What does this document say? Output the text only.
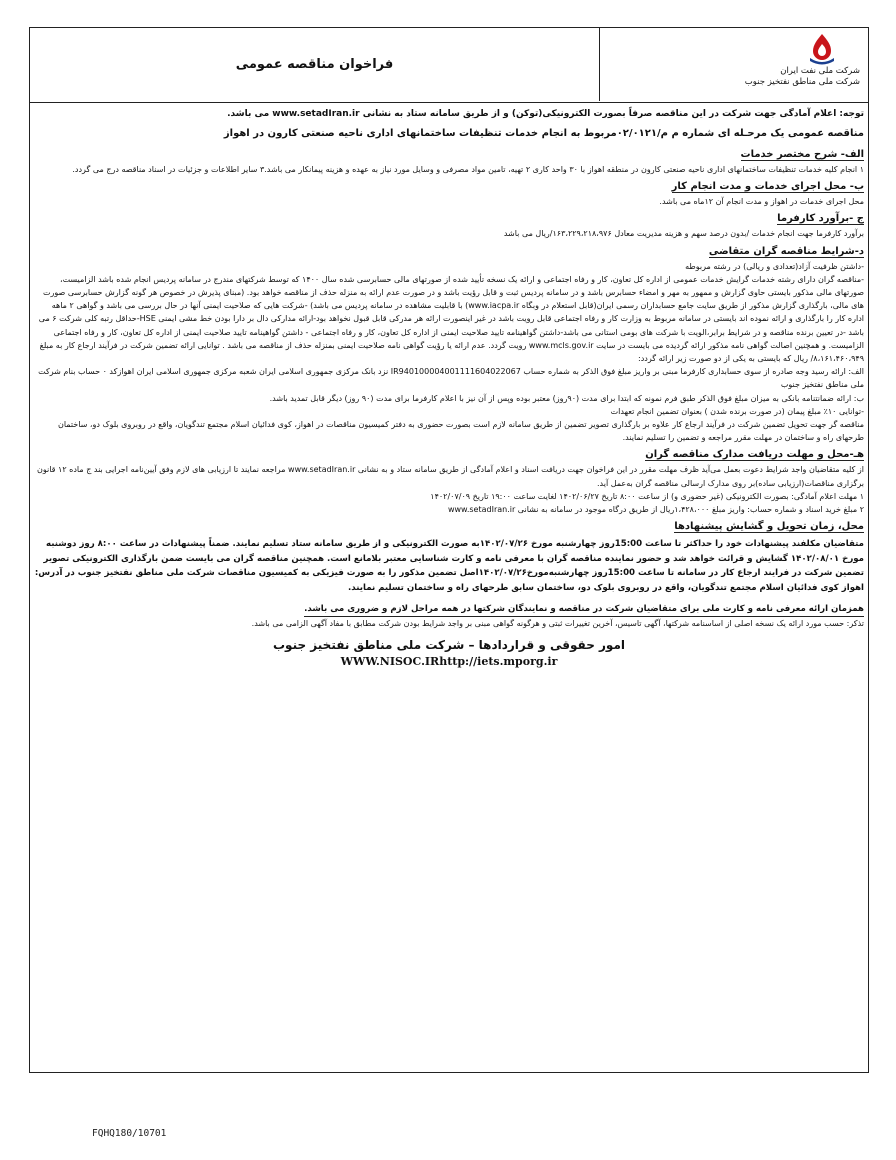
فراخوان مناقصه عمومی	شرکت ملی نفت ایران
شرکت ملی مناطق نفتخیز جنوب
توجه: اعلام آمادگی جهت شرکت در این مناقصه صرفاً بصورت الکترونیکی(توکن) و از طریق سامانه ستاد به نشانی www.setadIran.ir می باشد.
مناقصه عمومی یک مرحـله ای شماره م م/۰۲/۰۱۲۱مربوط به انجام خدمات تنظیفات ساختمانهای اداری ناحیه صنعتی کارون در اهواز
الف- شرح مختصر خدمات
۱ انجام کلیه خدمات تنظیفات ساختمانهای اداری ناحیه صنعتی کارون در منطقه اهواز با ۳۰ واحد کاری ۲ تهیه، تامین مواد مصرفی و وسایل مورد نیاز به عهده و هزینه پیمانکار می باشد.۳ سایر اطلاعات و جزئیات در اسناد مناقصه درج می گردد.
ب- محل اجرای خدمات و مدت انجام کار
محل اجرای خدمات در اهواز و مدت انجام آن ۱۲ماه می باشد.
ج -برآورد کارفرما
برآورد کارفرما جهت انجام خدمات /بدون درصد سهم و هزینه مدیریت معادل ۱۶۳،۲۲۹،۲۱۸،۹۷۶/ریال می باشد
د-شرایط مناقصه گران متقاضی
-داشتن ظرفیت آزاد(تعدادی و ریالی) در رشته مربوطه
-مناقصه گران دارای رشته خدمات گرایش خدمات عمومی از اداره کل تعاون، کار و رفاه اجتماعی و ارائه یک نسخه تأیید شده از صورتهای مالی حسابرسی شده سال ۱۴۰۰ که توسط شرکتهای مندرج در سامانه پردیس انجام شده باشد الزامیست، صورتهای مالی مذکور بایستی حاوی گزارش و ممهور به مهر و امضاء حسابرس باشد و در سامانه پردیس ثبت و قابل رؤیت باشد و در صورت عدم ارائه به منزله حذف از مناقصه خواهد بود. (مبنای پذیرش در خصوص هر گونه گزارش حسابرسی صورت های مالی، بارگذاری گزارش مذکور از طریق سایت جامع حسابداران رسمی ایران(قابل استعلام در وبگاه www.iacpa.ir) با قابلیت مشاهده در سامانه پردیس می باشد) -شرکت هایی که صلاحیت ایمنی آنها در حال بررسی می باشد و گواهی ۲ ماهه اداره کار را بارگذاری و ارائه نموده اند بایستی در سامانه مربوط به وزارت کار و رفاه اجتماعی قابل رویت باشد در غیر اینصورت ارائه هر مدرکی قابل قبول نخواهد بود-ارائه مدارکی دال بر دارا بودن خط مشی ایمنی HSE-حداقل رتبه کلی شرکت ۶ می باشد -در تعیین برنده مناقصه و در شرایط برابر،الویت با شرکت های بومی استانی می باشد-داشتن گواهینامه تایید صلاحیت ایمنی از اداره کل تعاون، کار و رفاه اجتماعی - داشتن گواهینامه تایید صلاحیت ایمنی از اداره کل تعاون، کار و رفاه اجتماعی الزامیست. و همچنین اصالت گواهی نامه مذکور ارائه گردیده می بایست در سایت www.mcls.gov.ir رویت گردد. عدم ارائه یا رؤیت گواهی نامه صلاحیت ایمنی بمنزله حذف از مناقصه می باشد . توانایی ارائه تضمین شرکت در فرآیند ارجاع کار به مبلغ ۸،۱۶۱،۴۶۰،۹۴۹/ ریال که بایستی به یکی از دو صورت زیر ارائه گردد:
الف: ارائه رسید وجه صادره از سوی حسابداری کارفرما مبنی بر واریز مبلغ فوق الذکر به شماره حساب IR940100004001111604022067 نزد بانک مرکزی جمهوری اسلامی ایران شعبه مرکزی جمهوری اسلامی ایران اهوازکد ۰ حساب بنام شرکت ملی مناطق نفتخیز جنوب
ب: ارائه ضمانتنامه بانکی به میزان مبلغ فوق الذکر طبق فرم نمونه که ابتدا برای مدت (۹۰روز) معتبر بوده وپس از آن نیز با اعلام کارفرما برای مدت (۹۰ روز) دیگر قابل تمدید باشد.
-توانایی ۱۰٪ مبلغ پیمان (در صورت برنده شدن ) بعنوان تضمین انجام تعهدات
مناقصه گر جهت تحویل تضمین شرکت در فرآیند ارجاع کار علاوه بر بارگذاری تصویر تضمین از طریق سامانه لازم است بصورت حضوری به دفتر کمیسیون مناقصات در اهواز، کوی فدائیان اسلام مجتمع تندگویان، واقع در روبروی بلوک دو، ساختمان طرحهای راه و ساختمان در مهلت مقرر مراجعه و تضمین را تسلیم نمایند.
هـ-محل و مهلت دریافت مدارک مناقصه گران
از کلیه متقاضیان واجد شرایط دعوت بعمل می‌آید ظرف مهلت مقرر در این فراخوان جهت دریافت اسناد و اعلام آمادگی از طریق سامانه ستاد و به نشانی www.setadIran.ir مراجعه نمایند تا ارزیابی های لازم وفق آیین‌نامه اجرایی بند ج ماده ۱۲ قانون برگزاری مناقصات(ارزیابی ساده)بر روی مدارک ارسالی مناقصه گران به‌عمل آید.
۱ مهلت اعلام آمادگی: بصورت الکترونیکی (غیر حضوری و) از ساعت ۸:۰۰ تاریخ ۱۴۰۲/۰۶/۲۷ لغایت ساعت ۱۹:۰۰ تاریخ ۱۴۰۲/۰۷/۰۹
۲ مبلغ خرید اسناد و شماره حساب: واریز مبلغ ۱،۴۲۸،۰۰۰ریال از طریق درگاه موجود در سامانه به نشانی www.setadIran.ir
محل، زمان تحویل و گشایش پیشنهادها
متقاضیان مکلفند پیشنهادات خود را حداکثر تا ساعت 15:00روز چهارشنبه مورخ ۱۴۰۲/۰۷/۲۶به صورت الکترونیکی و از طریق سامانه ستاد تسلیم نمایند. ضمناً پیشنهادات در ساعت ۸:۰۰ روز دوشنبه مورخ ۱۴۰۲/۰۸/۰۱ گشایش و قرائت خواهد شد و حضور نماینده مناقصه گران با معرفی نامه و کارت شناسایی معتبر بلامانع است. همچنین مناقصه گران می بایست ضمن بارگذاری الکترونیکی تصویر تضمین شرکت در فرایند ارجاع کار در سامانه تا ساعت 15:00روز چهارشنبه‌مورخ۱۴۰۲/۰۷/۲۶اصل تضمین مذکور را به صورت فیزیکی به کمیسیون مناقصات شرکت ملی مناطق نفتخیز جنوب در آدرس: اهواز کوی فدائیان اسلام مجتمع تندگویان، واقع در روبروی بلوک دو، ساختمان سابق طرحهای راه و ساختمان تسلیم نمایند.
همزمان ارائه معرفی نامه و کارت ملی برای متقاضیان شرکت در مناقصه و نمایندگان شرکتها در همه مراحل لازم و ضروری می باشد.
تذکر: حسب مورد ارائه یک نسخه اصلی از اساسنامه شرکتها، آگهی تاسیس، آخرین تغییرات ثبتی و هرگونه گواهی مبنی بر واجد شرایط بودن شرکت مطابق با مفاد آگهی الزامی می باشد.
امور حقوقی و قراردادها – شرکت ملی مناطق نفتخیز جنوب
WWW.NISOC.IRhttp://iets.mporg.ir
FQHQ180/10701
